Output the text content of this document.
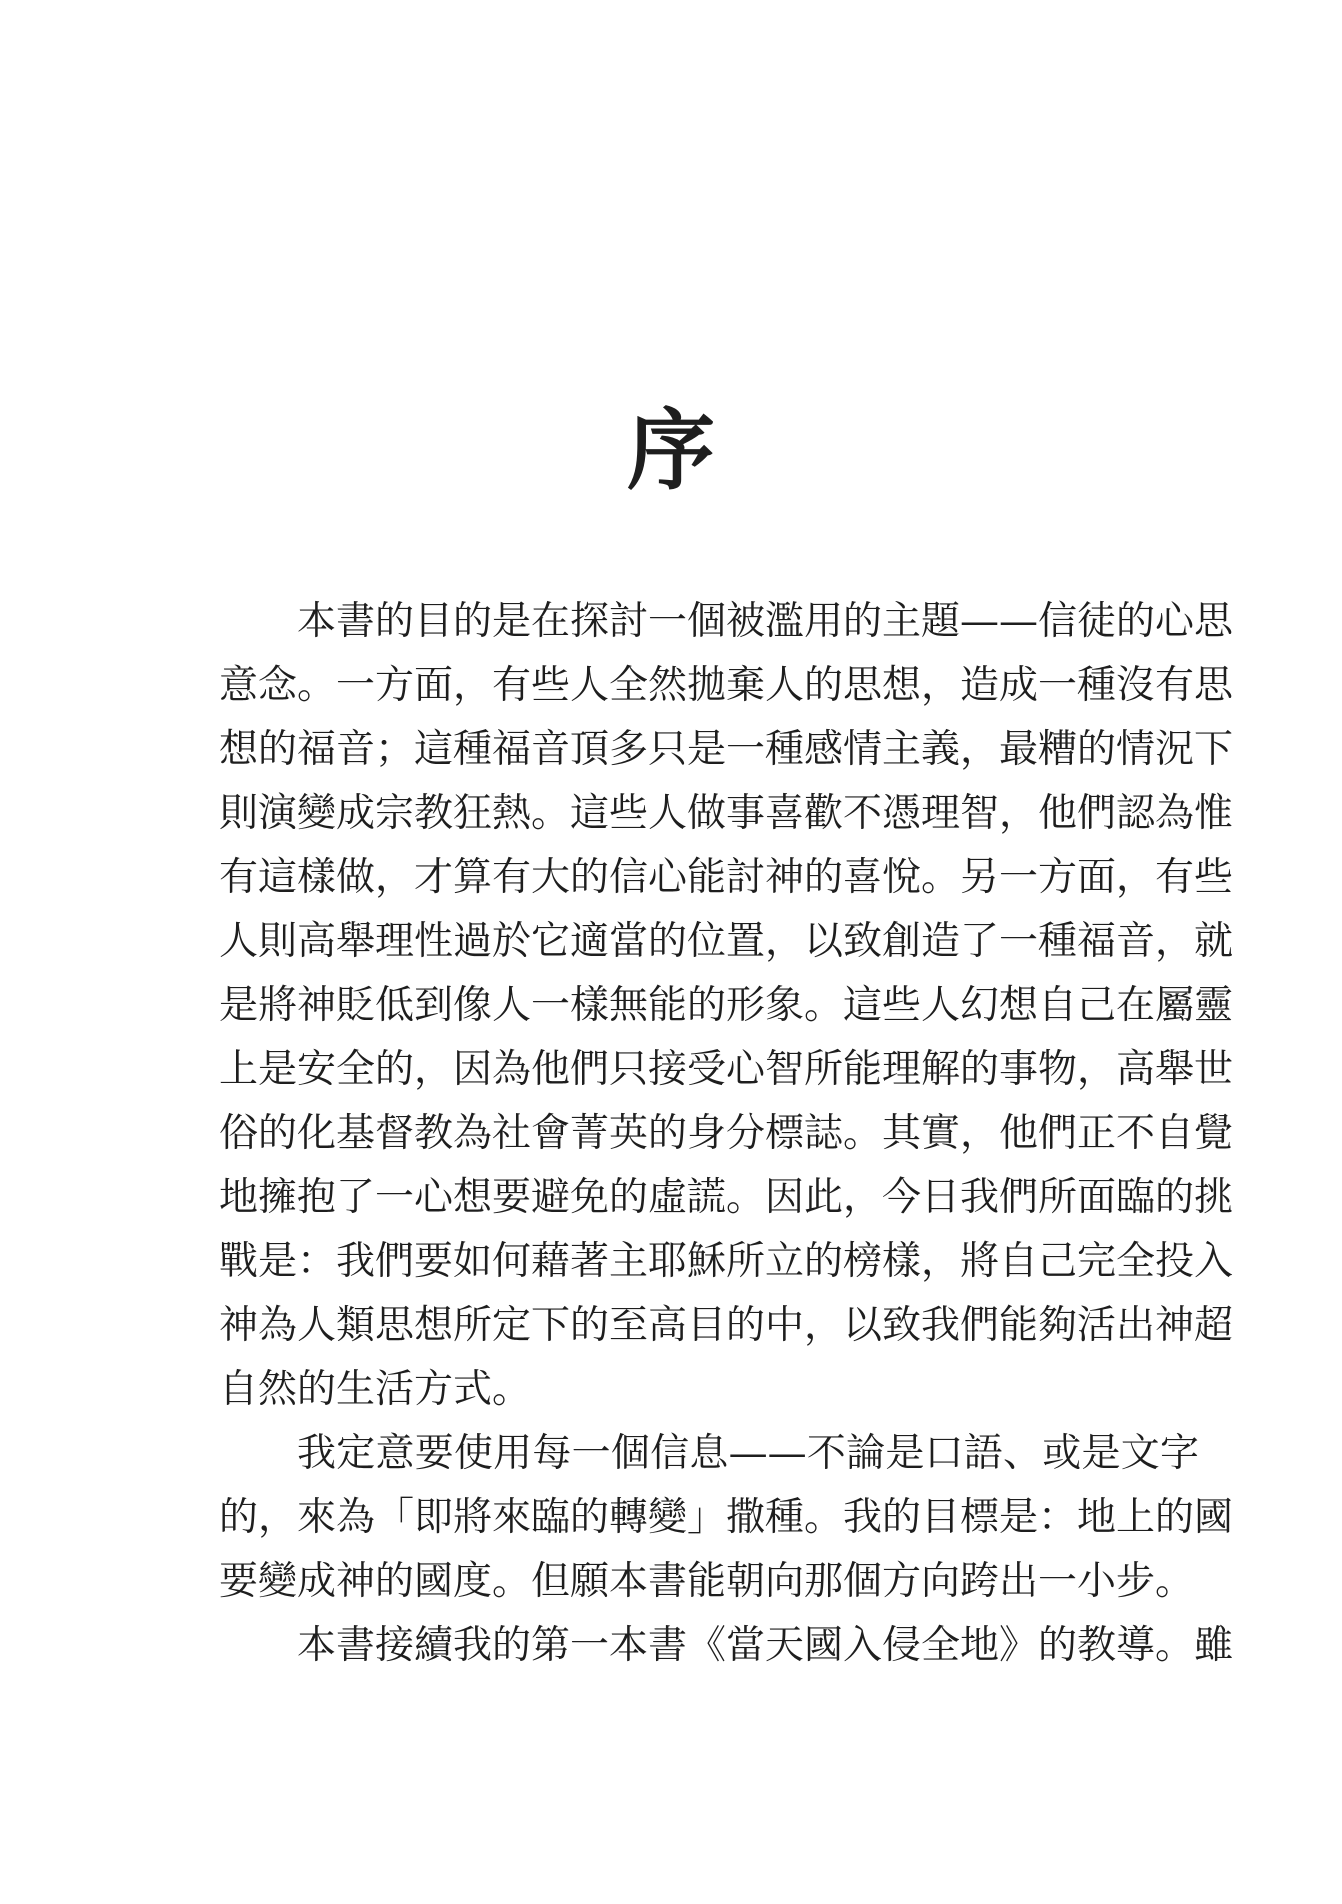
序
本書的目的是在探討一個被濫用的主題——信徒的心思
意念。一方面，有些人全然拋棄人的思想，造成一種沒有思
想的福音；這種福音頂多只是一種感情主義，最糟的情況下
則演變成宗教狂熱。這些人做事喜歡不憑理智，他們認為惟
有這樣做，才算有大的信心能討神的喜悅。另一方面，有些
人則高舉理性過於它適當的位置，以致創造了一種福音，就
是將神貶低到像人一樣無能的形象。這些人幻想自己在屬靈
上是安全的，因為他們只接受心智所能理解的事物，高舉世
俗的化基督教為社會菁英的身分標誌。其實，他們正不自覺
地擁抱了一心想要避免的虛謊。因此，今日我們所面臨的挑
戰是：我們要如何藉著主耶穌所立的榜樣，將自己完全投入
神為人類思想所定下的至高目的中，以致我們能夠活出神超
自然的生活方式。
我定意要使用每一個信息——不論是口語、或是文字
的，來為「即將來臨的轉變」撒種。我的目標是：地上的國
要變成神的國度。但願本書能朝向那個方向跨出一小步。
本書接續我的第一本書《當天國入侵全地》的教導。雖
